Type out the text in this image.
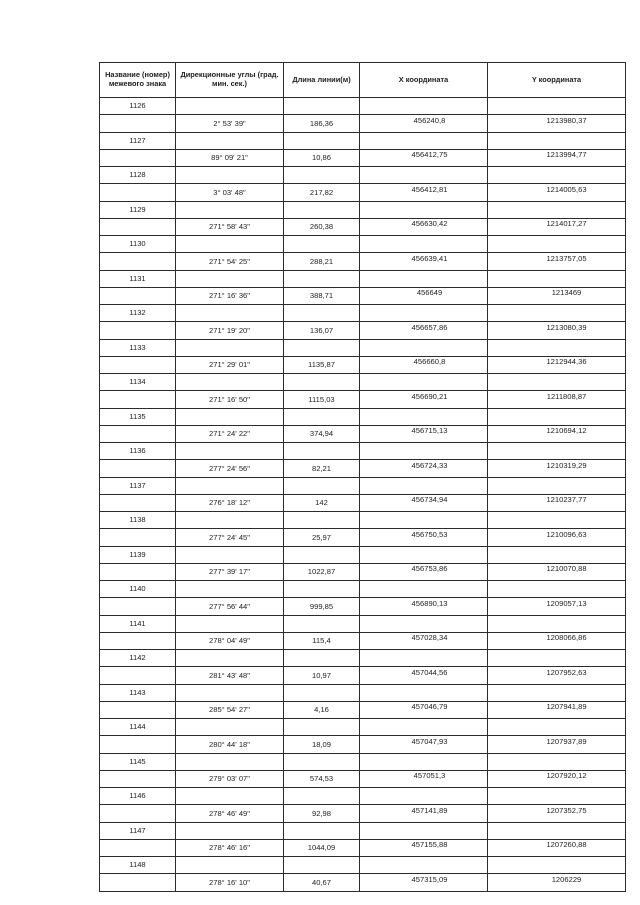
Название (номер) межевого знака	Дирекционные углы (град. мин. сек.)	Длина линии(м)	X координата	Y координата
1126				
	2° 53' 39"	186,36	456240,8	1213980,37
1127				
	89° 09' 21"	10,86	456412,75	1213994,77
1128				
	3° 03' 48"	217,82	456412,81	1214005,63
1129				
	271° 58' 43"	260,38	456630,42	1214017,27
1130				
	271° 54' 25"	288,21	456639,41	1213757,05
1131				
	271° 16' 36"	388,71	456649	1213469
1132				
	271° 19' 20"	136,07	456657,86	1213080,39
1133				
	271° 29' 01"	1135,87	456660,8	1212944,36
1134				
	271° 16' 50"	1115,03	456690,21	1211808,87
1135				
	271° 24' 22"	374,94	456715,13	1210694,12
1136				
	277° 24' 56"	82,21	456724,33	1210319,29
1137				
	276° 18' 12"	142	456734,94	1210237,77
1138				
	277° 24' 45"	25,97	456750,53	1210096,63
1139				
	277° 39' 17"	1022,87	456753,86	1210070,88
1140				
	277° 56' 44"	999,85	456890,13	1209057,13
1141				
	278° 04' 49"	115,4	457028,34	1208066,86
1142				
	281° 43' 48"	10,97	457044,56	1207952,63
1143				
	285° 54' 27"	4,16	457046,79	1207941,89
1144				
	280° 44' 18"	18,09	457047,93	1207937,89
1145				
	279° 03' 07"	574,53	457051,3	1207920,12
1146				
	278° 46' 49"	92,98	457141,89	1207352,75
1147				
	278° 46' 16"	1044,09	457155,88	1207260,88
1148				
	278° 16' 10"	40,67	457315,09	1206229
